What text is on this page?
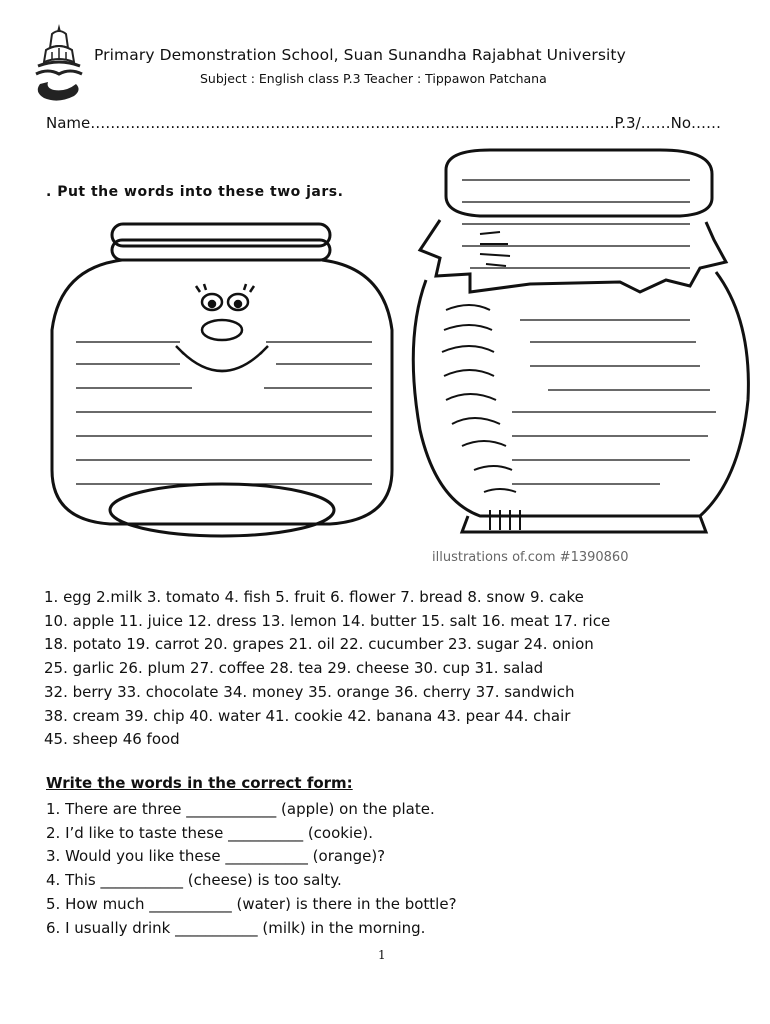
Primary Demonstration School, Suan Sunandha Rajabhat University
Subject : English class P.3 Teacher : Tippawon Patchana
Name………………………………………………………………..………………………….P.3/……No……
. Put the words into these two jars.
illustrations of.com #1390860
1. egg 2.milk 3. tomato 4. fish 5. fruit 6. flower 7. bread 8. snow 9. cake
10. apple 11. juice 12. dress 13. lemon 14. butter 15. salt 16. meat 17. rice
18. potato 19. carrot 20. grapes 21. oil 22. cucumber 23. sugar 24. onion
25. garlic 26. plum 27. coffee 28. tea 29. cheese 30. cup 31. salad
32. berry 33. chocolate 34. money 35. orange 36. cherry 37. sandwich
38. cream 39. chip 40. water 41. cookie 42. banana 43. pear 44. chair
45. sheep 46 food
Write the words in the correct form:
1. There are three ____________ (apple) on the plate.
2. I’d like to taste these __________ (cookie).
3. Would you like these ___________ (orange)?
4. This ___________ (cheese) is too salty.
5. How much ___________ (water) is there in the bottle?
6. I usually drink ___________ (milk) in the morning.
1
